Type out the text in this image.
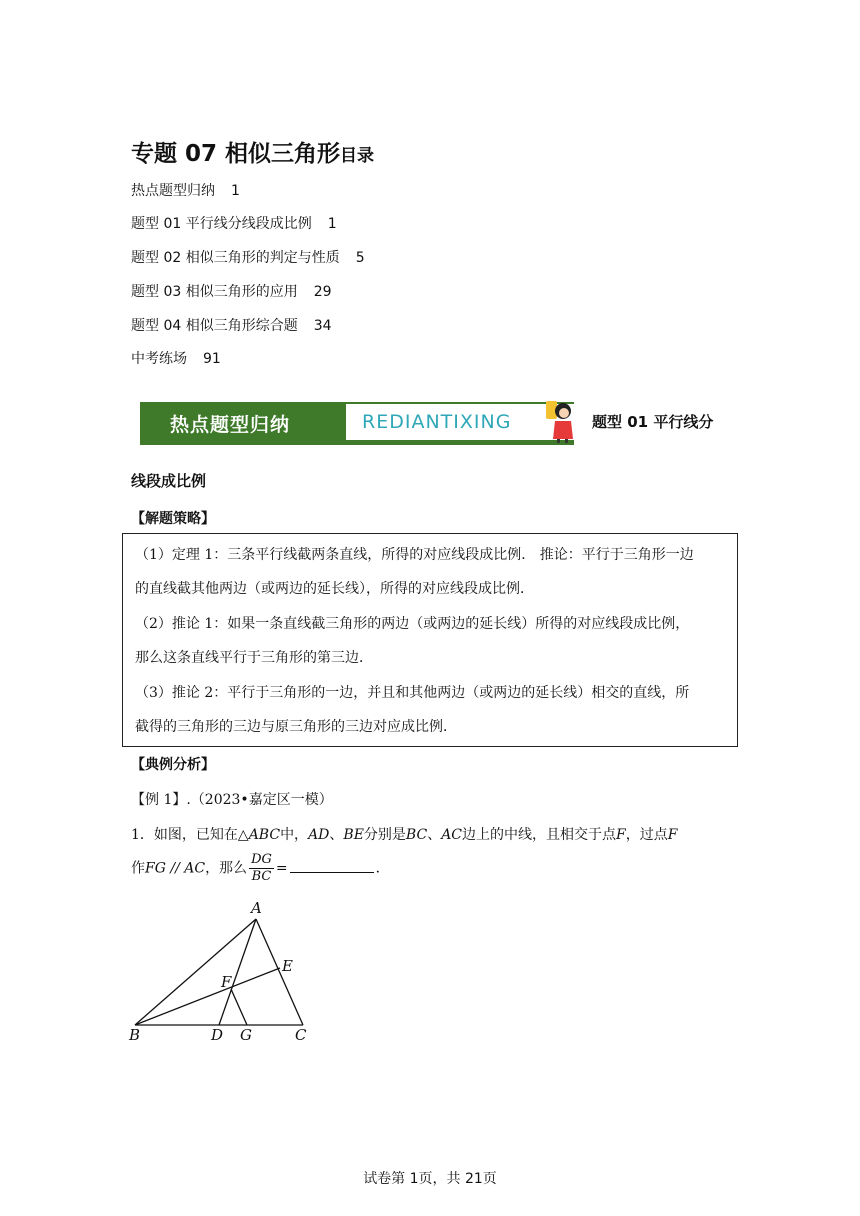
专题 07 相似三角形目录
热点题型归纳 1
题型 01 平行线分线段成比例 1
题型 02 相似三角形的判定与性质 5
题型 03 相似三角形的应用 29
题型 04 相似三角形综合题 34
中考练场 91
热点题型归纳	REDIANTIXING	题型 01 平行线分
线段成比例
【解题策略】

（1）定理 1：三条平行线截两条直线，所得的对应线段成比例． 推论：平行于三角形一边

的直线截其他两边（或两边的延长线），所得的对应线段成比例．

（2）推论 1：如果一条直线截三角形的两边（或两边的延长线）所得的对应线段成比例，

那么这条直线平行于三角形的第三边．

（3）推论 2：平行于三角形的一边，并且和其他两边（或两边的延长线）相交的直线，所

截得的三角形的三边与原三角形的三边对应成比例．

【典例分析】
【例 1】.（2023•嘉定区一模）
1．如图，已知在△ABC中，AD、BE分别是BC、AC边上的中线，且相交于点F，过点F
作FG // AC，那么 $\frac{DG}{BC}$ =	．
A
B	C
D
E
F
G
试卷第 1页，共 21页
